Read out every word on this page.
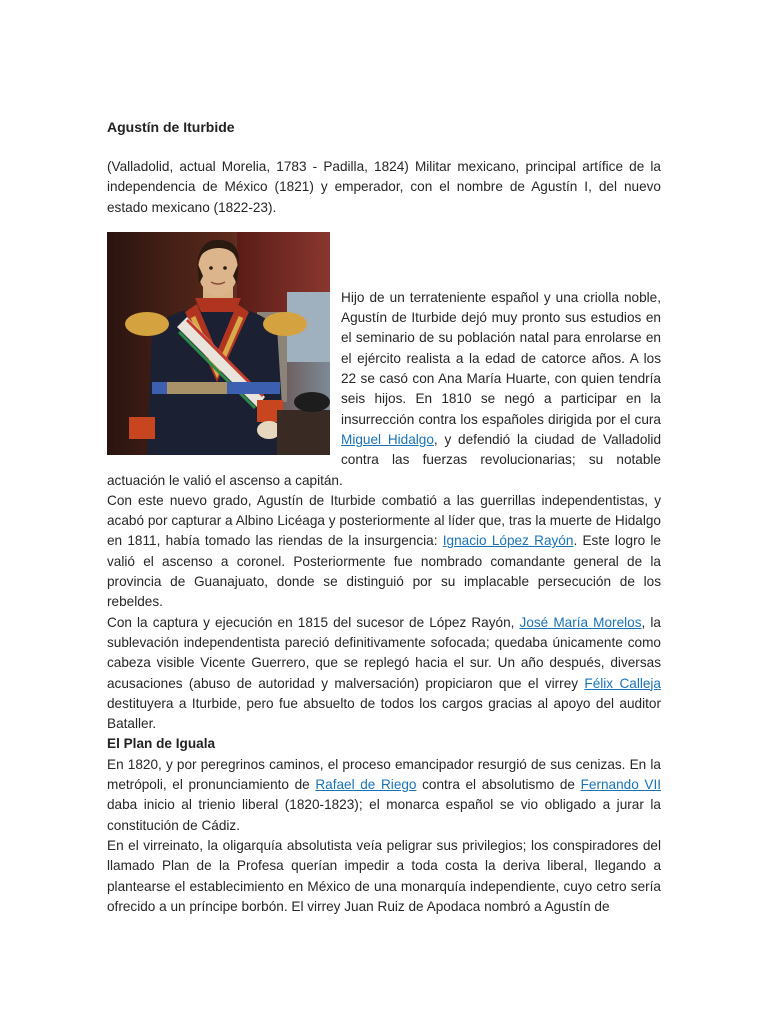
Agustín de Iturbide

(Valladolid, actual Morelia, 1783 - Padilla, 1824) Militar mexicano, principal artífice de la independencia de México (1821) y emperador, con el nombre de Agustín I, del nuevo estado mexicano (1822-23).

Hijo de un terrateniente español y una criolla noble, Agustín de Iturbide dejó muy pronto sus estudios en el seminario de su población natal para enrolarse en el ejército realista a la edad de catorce años. A los 22 se casó con Ana María Huarte, con quien tendría seis hijos. En 1810 se negó a participar en la insurrección contra los españoles dirigida por el cura Miguel Hidalgo, y defendió la ciudad de Valladolid contra las fuerzas revolucionarias; su notable actuación le valió el ascenso a capitán.

Con este nuevo grado, Agustín de Iturbide combatió a las guerrillas independentistas, y acabó por capturar a Albino Licéaga y posteriormente al líder que, tras la muerte de Hidalgo en 1811, había tomado las riendas de la insurgencia: Ignacio López Rayón. Este logro le valió el ascenso a coronel. Posteriormente fue nombrado comandante general de la provincia de Guanajuato, donde se distinguió por su implacable persecución de los rebeldes.

Con la captura y ejecución en 1815 del sucesor de López Rayón, José María Morelos, la sublevación independentista pareció definitivamente sofocada; quedaba únicamente como cabeza visible Vicente Guerrero, que se replegó hacia el sur. Un año después, diversas acusaciones (abuso de autoridad y malversación) propiciaron que el virrey Félix Calleja destituyera a Iturbide, pero fue absuelto de todos los cargos gracias al apoyo del auditor Bataller.

El Plan de Iguala

En 1820, y por peregrinos caminos, el proceso emancipador resurgió de sus cenizas. En la metrópoli, el pronunciamiento de Rafael de Riego contra el absolutismo de Fernando VII daba inicio al trienio liberal (1820-1823); el monarca español se vio obligado a jurar la constitución de Cádiz.

En el virreinato, la oligarquía absolutista veía peligrar sus privilegios; los conspiradores del llamado Plan de la Profesa querían impedir a toda costa la deriva liberal, llegando a plantearse el establecimiento en México de una monarquía independiente, cuyo cetro sería ofrecido a un príncipe borbón. El virrey Juan Ruiz de Apodaca nombró a Agustín de
